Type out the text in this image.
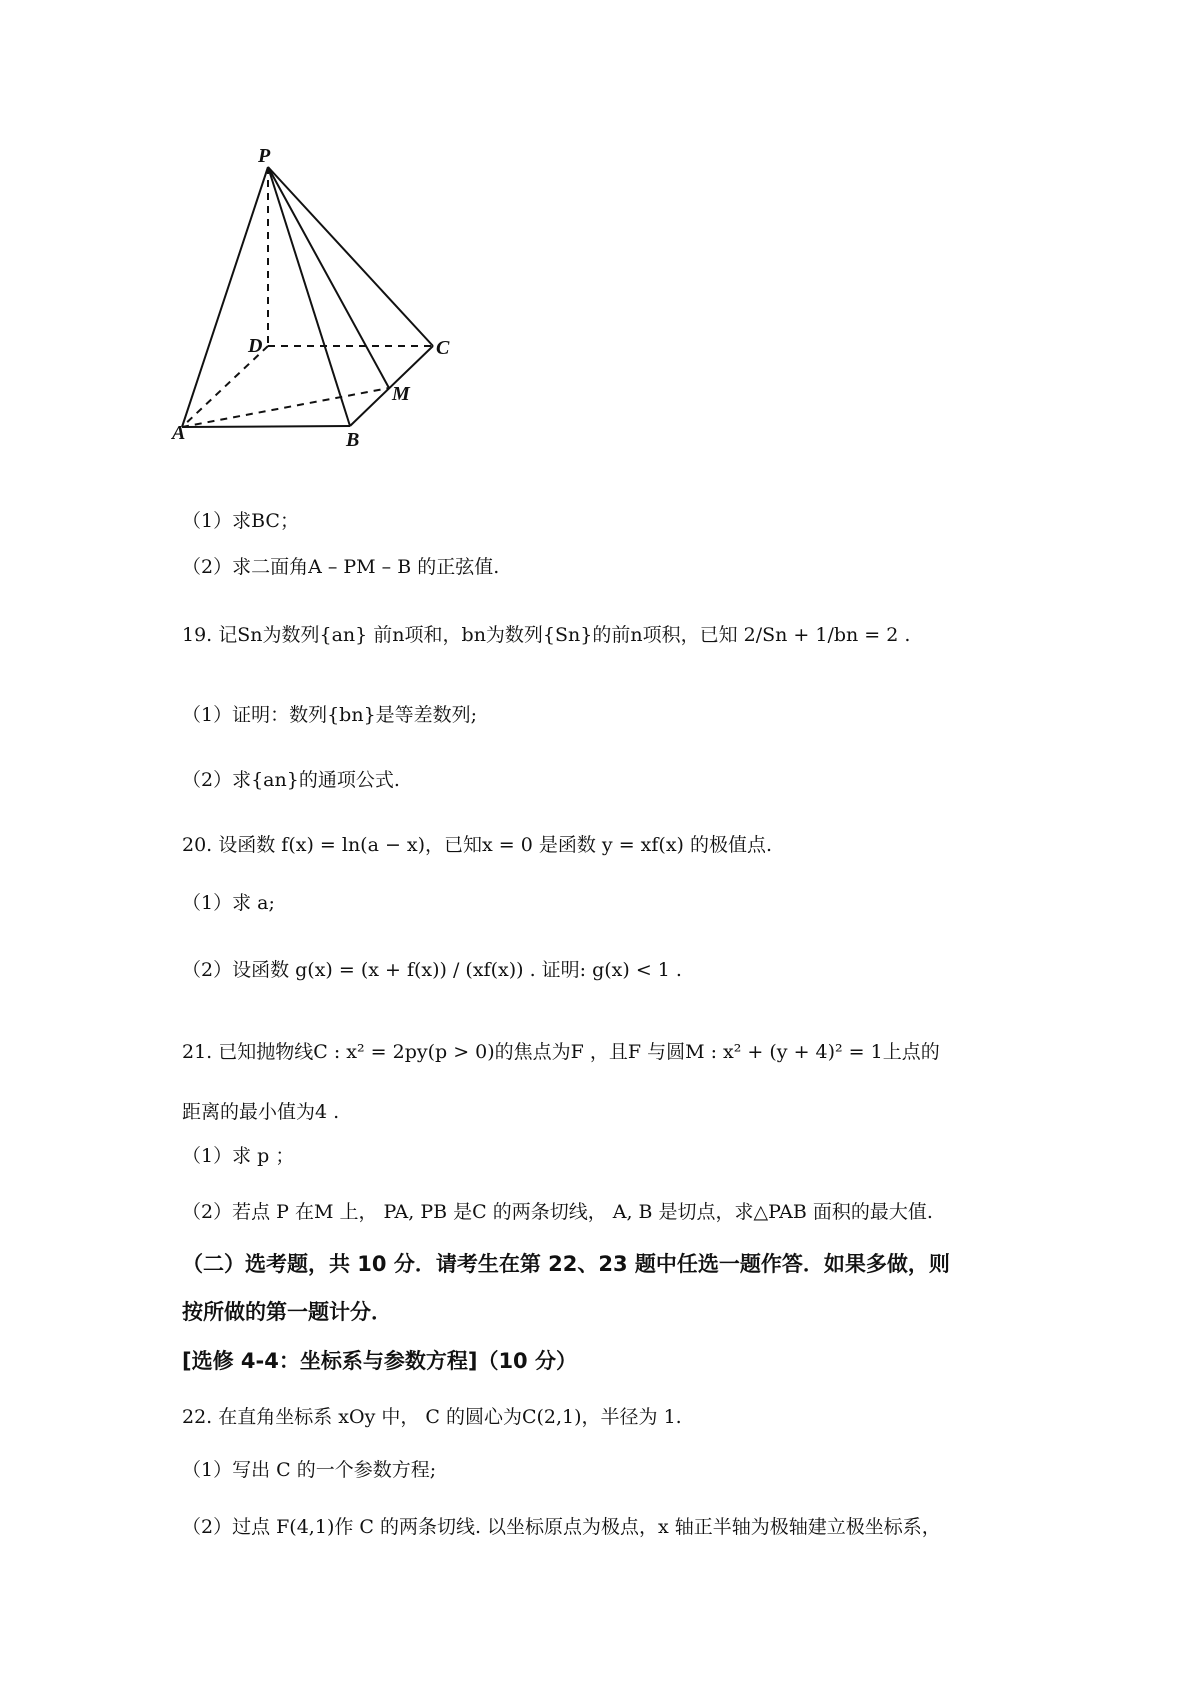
P
D	C
M
A	B
（1）求BC；
（2）求二面角A – PM – B 的正弦值.
19. 记Sn为数列{an} 前n项和，bn为数列{Sn}的前n项积，已知 2/Sn + 1/bn = 2 .
（1）证明：数列{bn}是等差数列;
（2）求{an}的通项公式.
20. 设函数 f(x) = ln(a − x)，已知x = 0 是函数 y = xf(x) 的极值点.
（1）求 a;
（2）设函数 g(x) = (x + f(x)) / (xf(x)) . 证明: g(x) < 1 .
21. 已知抛物线C : x² = 2py(p > 0)的焦点为F ，且F 与圆M : x² + (y + 4)² = 1上点的
距离的最小值为4 .
（1）求 p ；
（2）若点 P 在M 上， PA, PB 是C 的两条切线， A, B 是切点，求△PAB 面积的最大值.
（二）选考题，共 10 分．请考生在第 22、23 题中任选一题作答．如果多做，则
按所做的第一题计分．
[选修 4-4：坐标系与参数方程]（10 分）
22. 在直角坐标系 xOy 中， C 的圆心为C(2,1)，半径为 1.
（1）写出 C 的一个参数方程;
（2）过点 F(4,1)作 C 的两条切线. 以坐标原点为极点，x 轴正半轴为极轴建立极坐标系，
